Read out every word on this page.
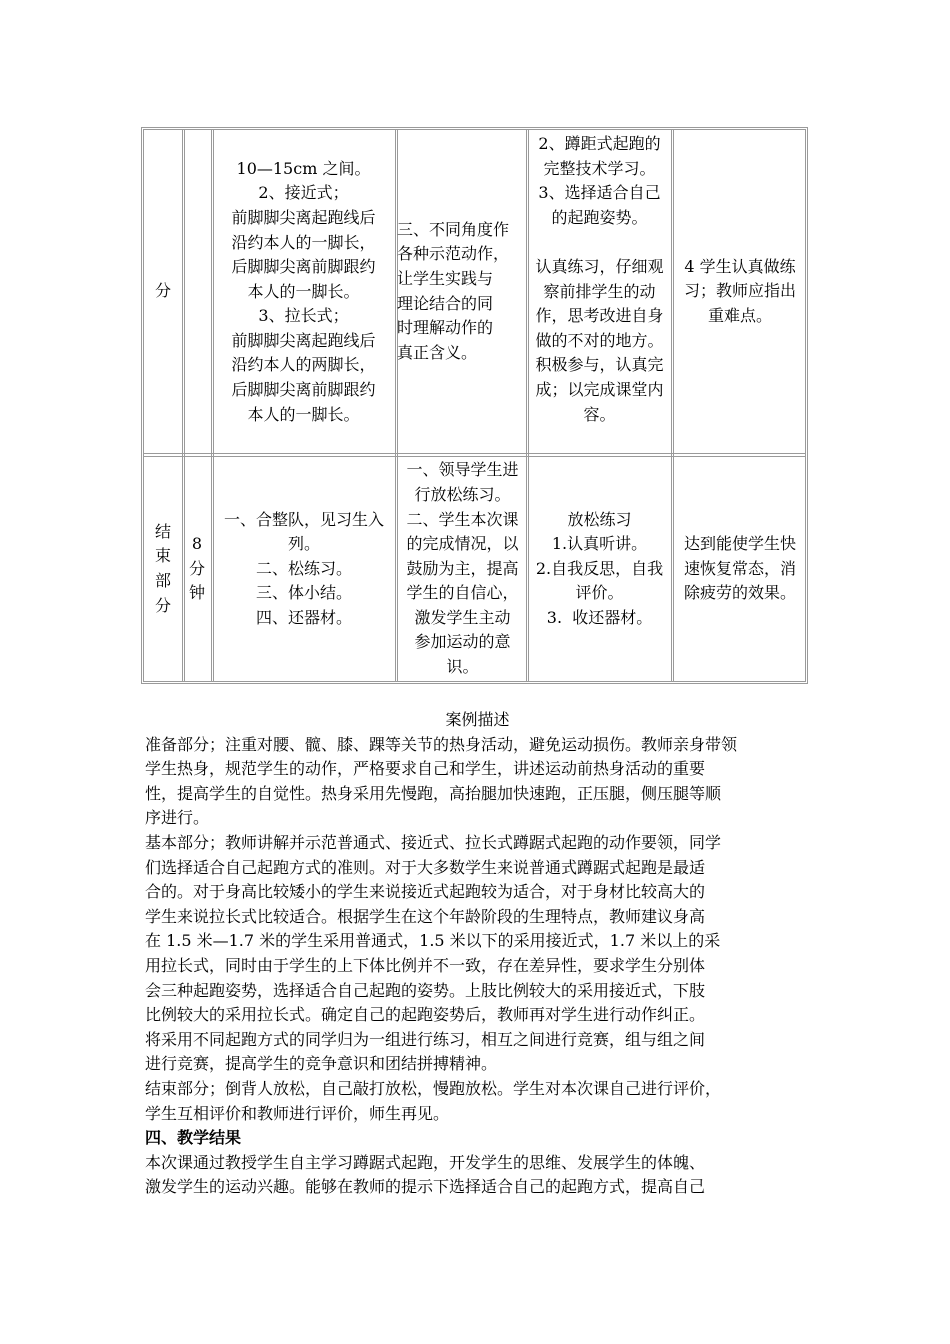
分
10—15cm 之间。
2、接近式；
前脚脚尖离起跑线后
沿约本人的一脚长，
后脚脚尖离前脚跟约
本人的一脚长。
3、拉长式；
前脚脚尖离起跑线后
沿约本人的两脚长，
后脚脚尖离前脚跟约
本人的一脚长。
三、不同角度作
各种示范动作，
让学生实践与
理论结合的同
时理解动作的
真正含义。
2、蹲距式起跑的
完整技术学习。
3、选择适合自己
的起跑姿势。

认真练习，仔细观
察前排学生的动
作，思考改进自身
做的不对的地方。
积极参与，认真完
成；以完成课堂内
容。
4 学生认真做练
习；教师应指出
重难点。
结
束
部
分
8
分
钟
一、合整队，见习生入
列。
二、松练习。
三、体小结。
四、还器材。
一、领导学生进
行放松练习。
二、学生本次课
的完成情况，以
鼓励为主，提高
学生的自信心，
激发学生主动
参加运动的意
识。
放松练习
1.认真听讲。
2.自我反思，自我
评价。
3.  收还器材。
达到能使学生快
速恢复常态，消
除疲劳的效果。
案例描述
准备部分；注重对腰、髋、膝、踝等关节的热身活动，避免运动损伤。教师亲身带领
学生热身，规范学生的动作，严格要求自己和学生，讲述运动前热身活动的重要
性，提高学生的自觉性。热身采用先慢跑，高抬腿加快速跑，正压腿，侧压腿等顺
序进行。
基本部分；教师讲解并示范普通式、接近式、拉长式蹲踞式起跑的动作要领，同学
们选择适合自己起跑方式的准则。对于大多数学生来说普通式蹲踞式起跑是最适
合的。对于身高比较矮小的学生来说接近式起跑较为适合，对于身材比较高大的
学生来说拉长式比较适合。根据学生在这个年龄阶段的生理特点，教师建议身高
在 1.5 米—1.7 米的学生采用普通式，1.5 米以下的采用接近式，1.7 米以上的采
用拉长式，同时由于学生的上下体比例并不一致，存在差异性，要求学生分别体
会三种起跑姿势，选择适合自己起跑的姿势。上肢比例较大的采用接近式，下肢
比例较大的采用拉长式。确定自己的起跑姿势后，教师再对学生进行动作纠正。
将采用不同起跑方式的同学归为一组进行练习，相互之间进行竞赛，组与组之间
进行竞赛，提高学生的竞争意识和团结拼搏精神。
结束部分；倒背人放松，自己敲打放松，慢跑放松。学生对本次课自己进行评价，
学生互相评价和教师进行评价，师生再见。
四、教学结果
本次课通过教授学生自主学习蹲踞式起跑，开发学生的思维、发展学生的体魄、
激发学生的运动兴趣。能够在教师的提示下选择适合自己的起跑方式，提高自己
